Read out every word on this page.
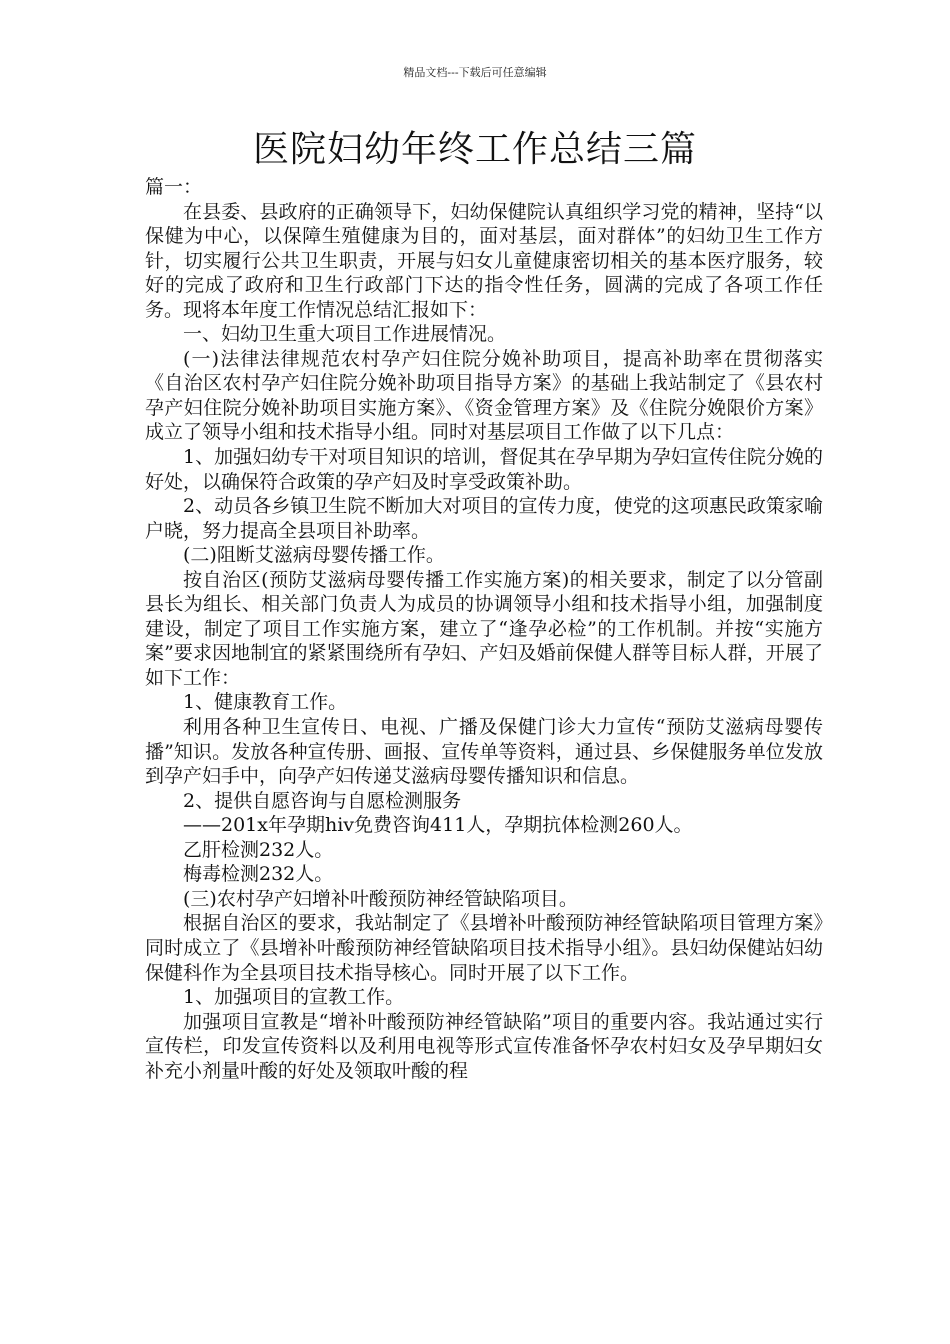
精品文档---下载后可任意编辑
医院妇幼年终工作总结三篇

篇一：

在县委、县政府的正确领导下，妇幼保健院认真组织学习党的精神，坚持“以保健为中心，以保障生殖健康为目的，面对基层，面对群体”的妇幼卫生工作方针，切实履行公共卫生职责，开展与妇女儿童健康密切相关的基本医疗服务，较好的完成了政府和卫生行政部门下达的指令性任务，圆满的完成了各项工作任务。现将本年度工作情况总结汇报如下：

一、妇幼卫生重大项目工作进展情况。

(一)法律法律规范农村孕产妇住院分娩补助项目，提高补助率在贯彻落实《自治区农村孕产妇住院分娩补助项目指导方案》的基础上我站制定了《县农村孕产妇住院分娩补助项目实施方案》、《资金管理方案》及《住院分娩限价方案》成立了领导小组和技术指导小组。同时对基层项目工作做了以下几点：

1、加强妇幼专干对项目知识的培训，督促其在孕早期为孕妇宣传住院分娩的好处，以确保符合政策的孕产妇及时享受政策补助。

2、动员各乡镇卫生院不断加大对项目的宣传力度，使党的这项惠民政策家喻户晓，努力提高全县项目补助率。

(二)阻断艾滋病母婴传播工作。

按自治区(预防艾滋病母婴传播工作实施方案)的相关要求，制定了以分管副县长为组长、相关部门负责人为成员的协调领导小组和技术指导小组，加强制度建设，制定了项目工作实施方案，建立了“逢孕必检”的工作机制。并按“实施方案”要求因地制宜的紧紧围绕所有孕妇、产妇及婚前保健人群等目标人群，开展了如下工作：

1、健康教育工作。

利用各种卫生宣传日、电视、广播及保健门诊大力宣传“预防艾滋病母婴传播”知识。发放各种宣传册、画报、宣传单等资料，通过县、乡保健服务单位发放到孕产妇手中，向孕产妇传递艾滋病母婴传播知识和信息。

2、提供自愿咨询与自愿检测服务

——201x年孕期hiv免费咨询411人，孕期抗体检测260人。

乙肝检测232人。

梅毒检测232人。

(三)农村孕产妇增补叶酸预防神经管缺陷项目。

根据自治区的要求，我站制定了《县增补叶酸预防神经管缺陷项目管理方案》同时成立了《县增补叶酸预防神经管缺陷项目技术指导小组》。县妇幼保健站妇幼保健科作为全县项目技术指导核心。同时开展了以下工作。

1、加强项目的宣教工作。

加强项目宣教是“增补叶酸预防神经管缺陷”项目的重要内容。我站通过实行宣传栏，印发宣传资料以及利用电视等形式宣传准备怀孕农村妇女及孕早期妇女补充小剂量叶酸的好处及领取叶酸的程
